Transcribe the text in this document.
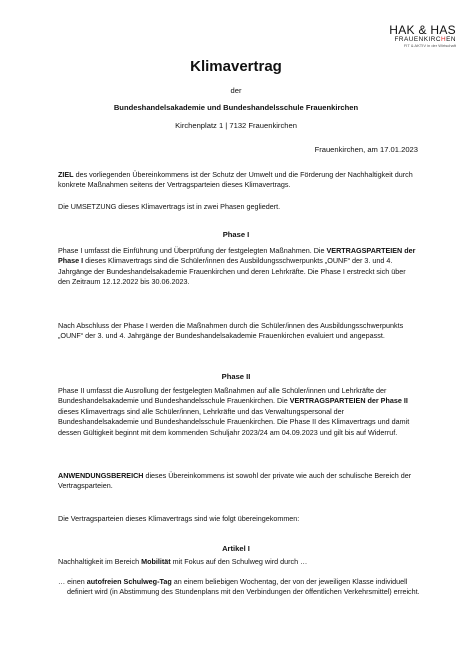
HAK & HAS
FRAUENKIRCHEN
FIT & AKTIV in der Wirtschaft
Klimavertrag
der
Bundeshandelsakademie und Bundeshandelsschule Frauenkirchen
Kirchenplatz 1 | 7132 Frauenkirchen
Frauenkirchen, am 17.01.2023
ZIEL des vorliegenden Übereinkommens ist der Schutz der Umwelt und die Förderung der Nachhaltigkeit durch konkrete Maßnahmen seitens der Vertragsparteien dieses Klimavertrags.
Die UMSETZUNG dieses Klimavertrags ist in zwei Phasen gegliedert.
Phase I
Phase I umfasst die Einführung und Überprüfung der festgelegten Maßnahmen. Die VERTRAGSPARTEIEN der Phase I dieses Klimavertrags sind die Schüler/innen des Ausbildungsschwerpunkts „OUNF“ der 3. und 4. Jahrgänge der Bundeshandelsakademie Frauenkirchen und deren Lehrkräfte. Die Phase I erstreckt sich über den Zeitraum 12.12.2022 bis 30.06.2023.
Nach Abschluss der Phase I werden die Maßnahmen durch die Schüler/innen des Ausbildungsschwerpunkts „OUNF“ der 3. und 4. Jahrgänge der Bundeshandelsakademie Frauenkirchen evaluiert und angepasst.
Phase II
Phase II umfasst die Ausrollung der festgelegten Maßnahmen auf alle Schüler/innen und Lehrkräfte der Bundeshandelsakademie und Bundeshandelsschule Frauenkirchen. Die VERTRAGSPARTEIEN der Phase II dieses Klimavertrags sind alle Schüler/innen, Lehrkräfte und das Verwaltungspersonal der Bundeshandelsakademie und Bundeshandelsschule Frauenkirchen. Die Phase II des Klimavertrags und damit dessen Gültigkeit beginnt mit dem kommenden Schuljahr 2023/24 am 04.09.2023 und gilt bis auf Widerruf.
ANWENDUNGSBEREICH dieses Übereinkommens ist sowohl der private wie auch der schulische Bereich der Vertragsparteien.
Die Vertragsparteien dieses Klimavertrags sind wie folgt übereingekommen:
Artikel I
Nachhaltigkeit im Bereich Mobilität mit Fokus auf den Schulweg wird durch …
… einen autofreien Schulweg-Tag an einem beliebigen Wochentag, der von der jeweiligen Klasse individuell definiert wird (in Abstimmung des Stundenplans mit den Verbindungen der öffentlichen Verkehrsmittel) erreicht.
